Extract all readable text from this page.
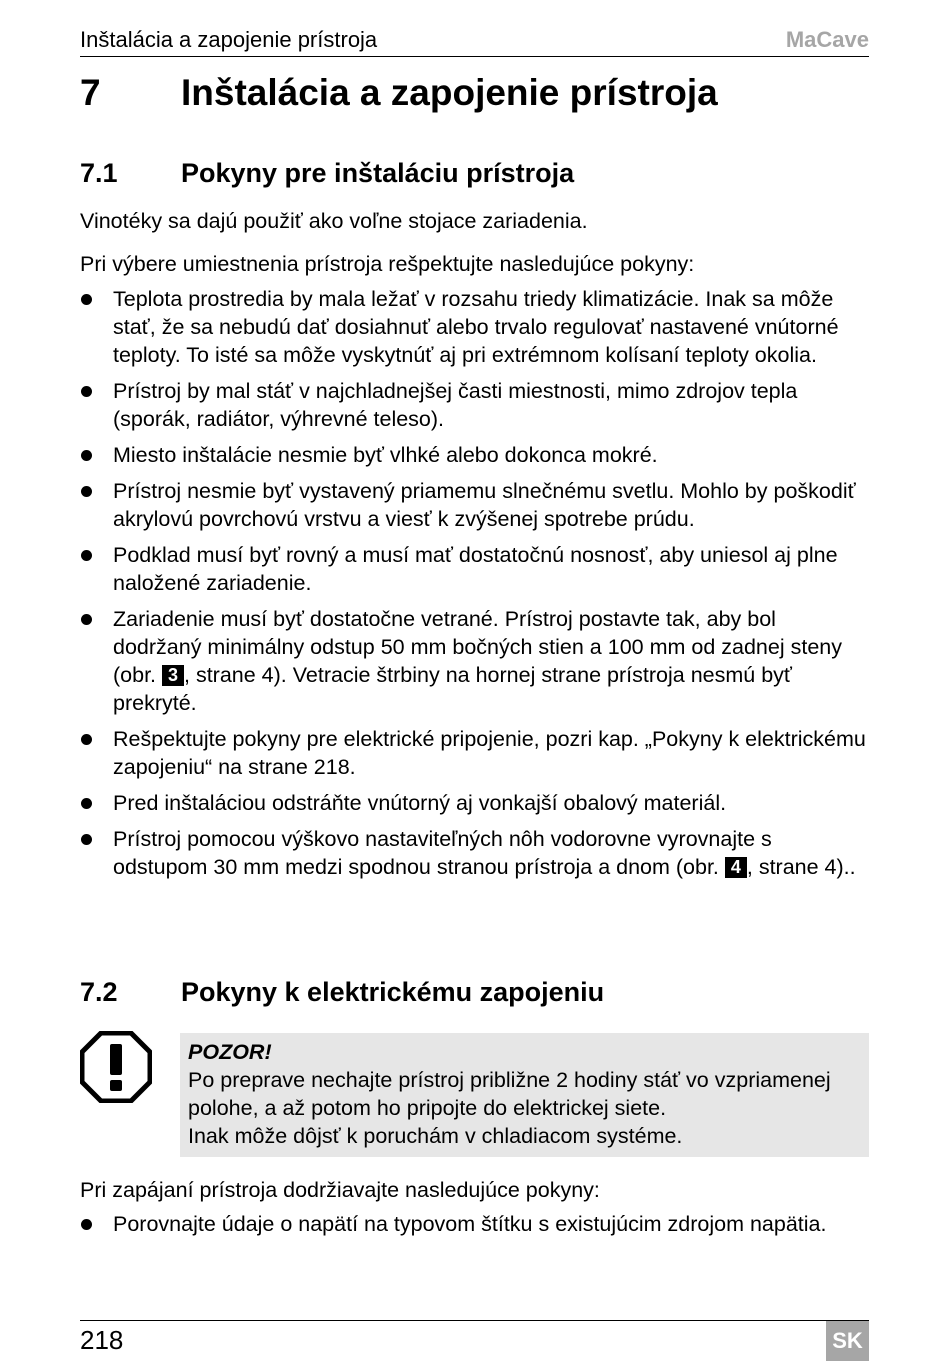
Inštalácia a zapojenie prístroja	MaCave
7 Inštalácia a zapojenie prístroja
7.1 Pokyny pre inštaláciu prístroja

Vinotéky sa dajú použiť ako voľne stojace zariadenia.

Pri výbere umiestnenia prístroja rešpektujte nasledujúce pokyny:

Teplota prostredia by mala ležať v rozsahu triedy klimatizácie. Inak sa môže stať, že sa nebudú dať dosiahnuť alebo trvalo regulovať nastavené vnútorné teploty. To isté sa môže vyskytnúť aj pri extrémnom kolísaní teploty okolia.
Prístroj by mal stáť v najchladnejšej časti miestnosti, mimo zdrojov tepla (sporák, radiátor, výhrevné teleso).
Miesto inštalácie nesmie byť vlhké alebo dokonca mokré.
Prístroj nesmie byť vystavený priamemu slnečnému svetlu. Mohlo by poškodiť akrylovú povrchovú vrstvu a viesť k zvýšenej spotrebe prúdu.
Podklad musí byť rovný a musí mať dostatočnú nosnosť, aby uniesol aj plne naložené zariadenie.
Zariadenie musí byť dostatočne vetrané. Prístroj postavte tak, aby bol dodržaný minimálny odstup 50 mm bočných stien a 100 mm od zadnej steny (obr. 3 , strane 4). Vetracie štrbiny na hornej strane prístroja nesmú byť prekryté.
Rešpektujte pokyny pre elektrické pripojenie, pozri kap. „Pokyny k elektrickému zapojeniu“ na strane 218.
Pred inštaláciou odstráňte vnútorný aj vonkajší obalový materiál.
Prístroj pomocou výškovo nastaviteľných nôh vodorovne vyrovnajte s odstupom 30 mm medzi spodnou stranou prístroja a dnom (obr. 4 , strane 4)..
7.2 Pokyny k elektrickému zapojeniu
POZOR!
Po preprave nechajte prístroj približne 2 hodiny stáť vo vzpriamenej polohe, a až potom ho pripojte do elektrickej siete.
Inak môže dôjsť k poruchám v chladiacom systéme.

Pri zapájaní prístroja dodržiavajte nasledujúce pokyny:

Porovnajte údaje o napätí na typovom štítku s existujúcim zdrojom napätia.
218	SK
